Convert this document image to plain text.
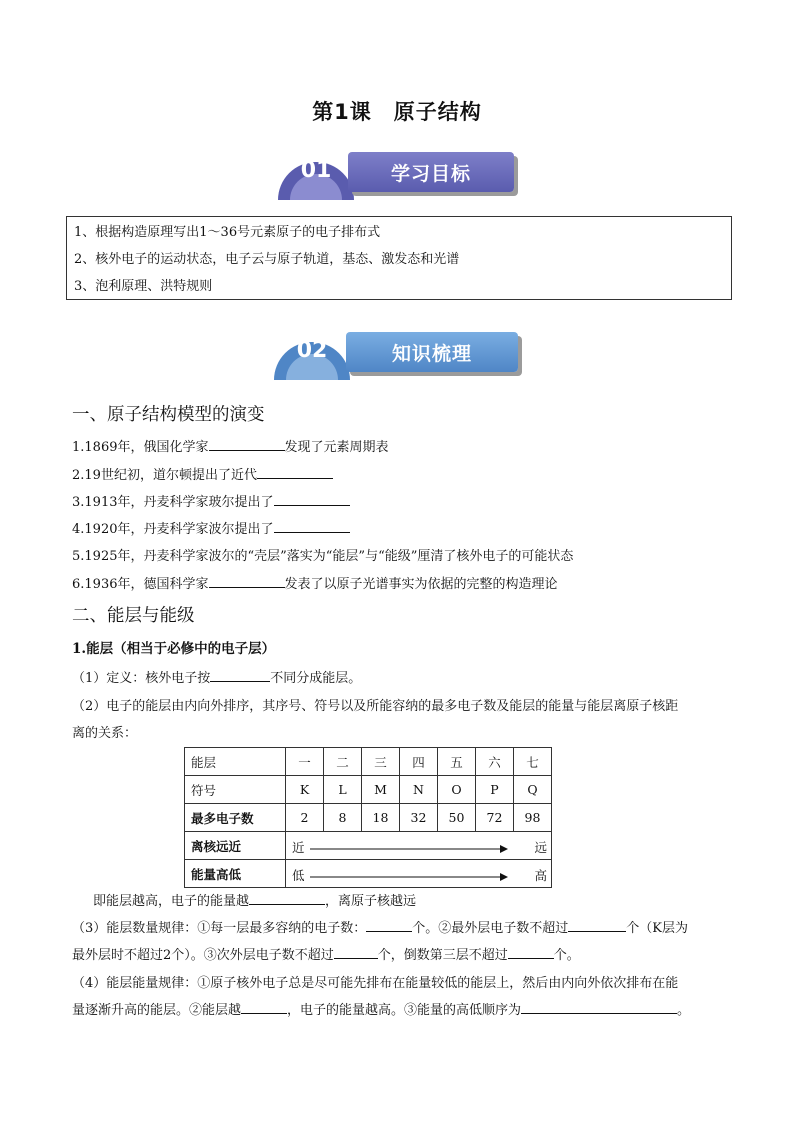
第1课　原子结构
01	学习目标
1、根据构造原理写出1～36号元素原子的电子排布式
2、核外电子的运动状态，电子云与原子轨道，基态、激发态和光谱
3、泡利原理、洪特规则
02	知识梳理
一、原子结构模型的演变
1.1869年，俄国化学家	发现了元素周期表
2.19世纪初，道尔顿提出了近代
3.1913年，丹麦科学家玻尔提出了
4.1920年，丹麦科学家波尔提出了
5.1925年，丹麦科学家波尔的“壳层”落实为“能层”与“能级”厘清了核外电子的可能状态
6.1936年，德国科学家	发表了以原子光谱事实为依据的完整的构造理论
二、能层与能级
1.能层（相当于必修中的电子层）
（1）定义：核外电子按	不同分成能层。
（2）电子的能层由内向外排序，其序号、符号以及所能容纳的最多电子数及能层的能量与能层离原子核距
离的关系：
能层	一	二	三	四	五	六	七
符号	K	L	M	N	O	P	Q
最多电子数	2	8	18	32	50	72	98
离核远近	近 远						

能量高低	低 高						
即能层越高，电子的能量越	，离原子核越远
（3）能层数量规律：①每一层最多容纳的电子数：	个。②最外层电子数不超过	个（K层为
最外层时不超过2个）。③次外层电子数不超过	个，倒数第三层不超过	个。
（4）能层能量规律：①原子核外电子总是尽可能先排布在能量较低的能层上，然后由内向外依次排布在能
量逐渐升高的能层。②能层越	，电子的能量越高。③能量的高低顺序为	。
